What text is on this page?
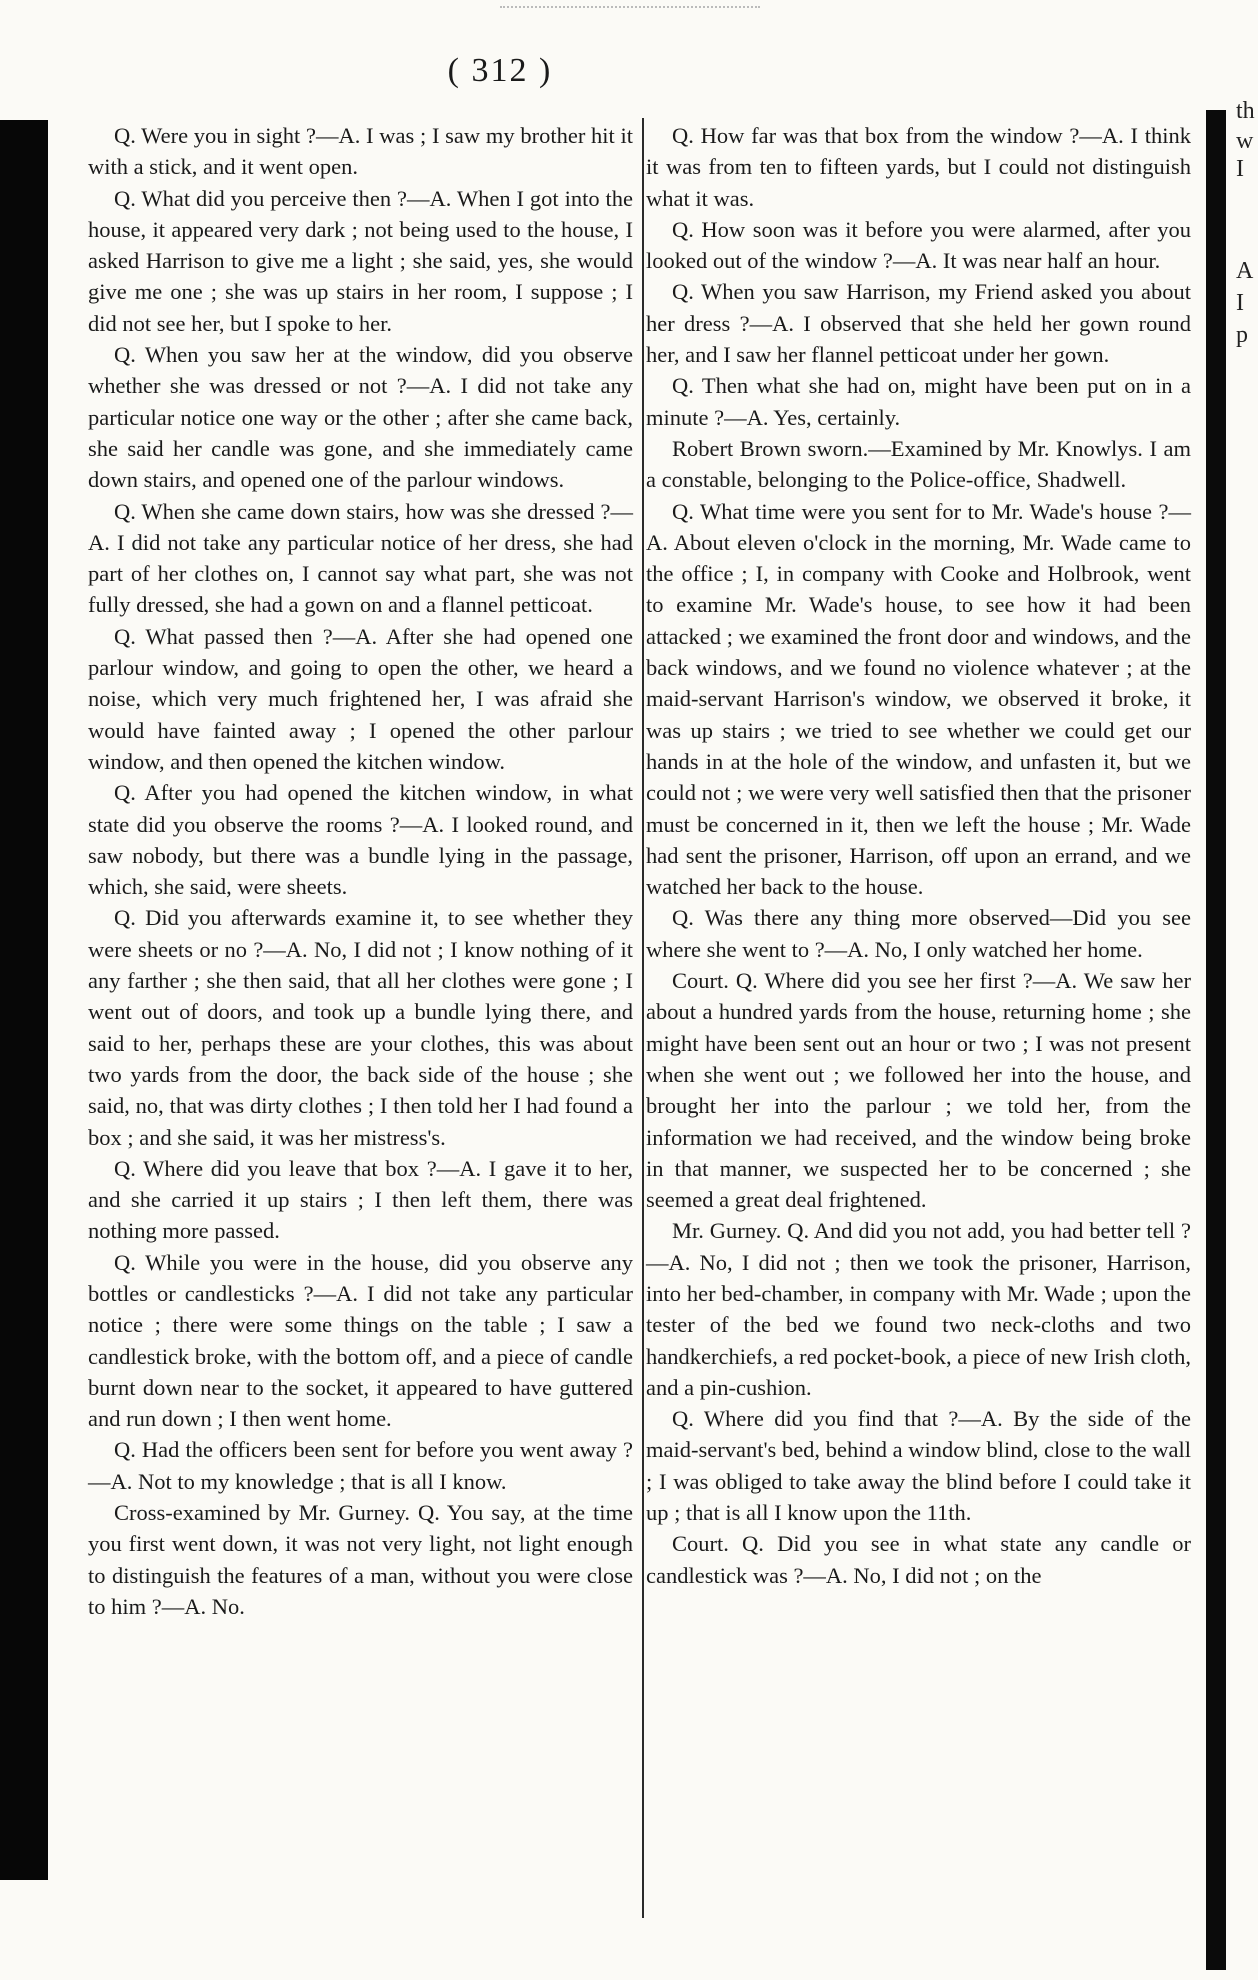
( 312 )

Q. Were you in sight ?—A. I was ; I saw my brother hit it with a stick, and it went open.

Q. What did you perceive then ?—A. When I got into the house, it appeared very dark ; not being used to the house, I asked Harrison to give me a light ; she said, yes, she would give me one ; she was up stairs in her room, I suppose ; I did not see her, but I spoke to her.

Q. When you saw her at the window, did you observe whether she was dressed or not ?—A. I did not take any particular notice one way or the other ; after she came back, she said her candle was gone, and she immediately came down stairs, and opened one of the parlour windows.

Q. When she came down stairs, how was she dressed ?—A. I did not take any particular notice of her dress, she had part of her clothes on, I cannot say what part, she was not fully dressed, she had a gown on and a flannel petticoat.

Q. What passed then ?—A. After she had opened one parlour window, and going to open the other, we heard a noise, which very much frightened her, I was afraid she would have fainted away ; I opened the other parlour window, and then opened the kitchen window.

Q. After you had opened the kitchen window, in what state did you observe the rooms ?—A. I looked round, and saw nobody, but there was a bundle lying in the passage, which, she said, were sheets.

Q. Did you afterwards examine it, to see whether they were sheets or no ?—A. No, I did not ; I know nothing of it any farther ; she then said, that all her clothes were gone ; I went out of doors, and took up a bundle lying there, and said to her, perhaps these are your clothes, this was about two yards from the door, the back side of the house ; she said, no, that was dirty clothes ; I then told her I had found a box ; and she said, it was her mistress's.

Q. Where did you leave that box ?—A. I gave it to her, and she carried it up stairs ; I then left them, there was nothing more passed.

Q. While you were in the house, did you observe any bottles or candlesticks ?—A. I did not take any particular notice ; there were some things on the table ; I saw a candlestick broke, with the bottom off, and a piece of candle burnt down near to the socket, it appeared to have guttered and run down ; I then went home.

Q. Had the officers been sent for before you went away ?—A. Not to my knowledge ; that is all I know.

Cross-examined by Mr. Gurney. Q. You say, at the time you first went down, it was not very light, not light enough to distinguish the features of a man, without you were close to him ?—A. No.

Q. How far was that box from the window ?—A. I think it was from ten to fifteen yards, but I could not distinguish what it was.

Q. How soon was it before you were alarmed, after you looked out of the window ?—A. It was near half an hour.

Q. When you saw Harrison, my Friend asked you about her dress ?—A. I observed that she held her gown round her, and I saw her flannel petticoat under her gown.

Q. Then what she had on, might have been put on in a minute ?—A. Yes, certainly.

Robert Brown sworn.—Examined by Mr. Knowlys. I am a constable, belonging to the Police-office, Shadwell.

Q. What time were you sent for to Mr. Wade's house ?—A. About eleven o'clock in the morning, Mr. Wade came to the office ; I, in company with Cooke and Holbrook, went to examine Mr. Wade's house, to see how it had been attacked ; we examined the front door and windows, and the back windows, and we found no violence whatever ; at the maid-servant Harrison's window, we observed it broke, it was up stairs ; we tried to see whether we could get our hands in at the hole of the window, and unfasten it, but we could not ; we were very well satisfied then that the prisoner must be concerned in it, then we left the house ; Mr. Wade had sent the prisoner, Harrison, off upon an errand, and we watched her back to the house.

Q. Was there any thing more observed—Did you see where she went to ?—A. No, I only watched her home.

Court. Q. Where did you see her first ?—A. We saw her about a hundred yards from the house, returning home ; she might have been sent out an hour or two ; I was not present when she went out ; we followed her into the house, and brought her into the parlour ; we told her, from the information we had received, and the window being broke in that manner, we suspected her to be concerned ; she seemed a great deal frightened.

Mr. Gurney. Q. And did you not add, you had better tell ?—A. No, I did not ; then we took the prisoner, Harrison, into her bed-chamber, in company with Mr. Wade ; upon the tester of the bed we found two neck-cloths and two handkerchiefs, a red pocket-book, a piece of new Irish cloth, and a pin-cushion.

Q. Where did you find that ?—A. By the side of the maid-servant's bed, behind a window blind, close to the wall ; I was obliged to take away the blind before I could take it up ; that is all I know upon the 11th.

Court. Q. Did you see in what state any candle or candlestick was ?—A. No, I did not ; on the

th
w
I
A
I
p
